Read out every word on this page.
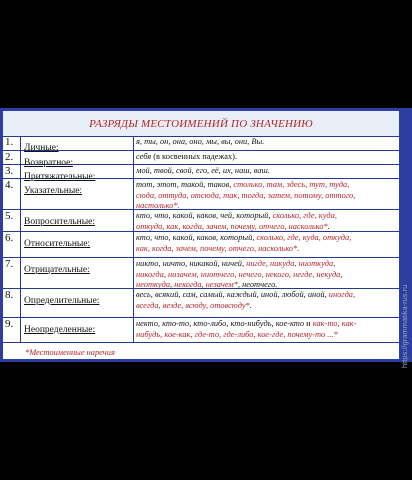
РАЗРЯДЫ МЕСТОИМЕНИЙ ПО ЗНАЧЕНИЮ
1.	Личные:
я, ты, он, она, оно, мы, вы, они, Вы.
2.	Возвратное:
себя (в косвенных падежах).
3.	Притяжательные:
мой, твой, свой, его, её, их, наш, ваш.
4.	Указательные:
тот, этот, такой, таков, столько, там, здесь, тут, туда,
сюда, оттуда, отсюда, так, тогда, затем, потому, оттого,
настолько*.
5.	Вопросительные:
кто, что, какой, каков, чей, который, сколько, где, куда,
откуда, как, когда, зачем, почему, отчего, насколько*.
6.	Относительные:
кто, что, какой, каков, который, сколько, где, куда, откуда,
как, когда, зачем, почему, отчего, насколько*.
7.	Отрицательные:
никто, ничто, никакой, ничей, нигде, никуда, ниоткуда,
никогда, низачем, ниотчего, нечего, некого, негде, некуда,
неоткуда, некогда, незачем*, неотчего.
8.	Определительные:
весь, всякий, сам, самый, каждый, иной, любой, иной, иногда,
всегда, везде, всюду, отовсюду*.
9.	Неопределенные:
некто, кто-то, кто-либо, кто-нибудь, кое-кто и как-то, как-
нибудь, кое-как, где-то, где-либо, кое-где, почему-то ...*
*Местоименные наречия	https://grammatika-rus.ru
